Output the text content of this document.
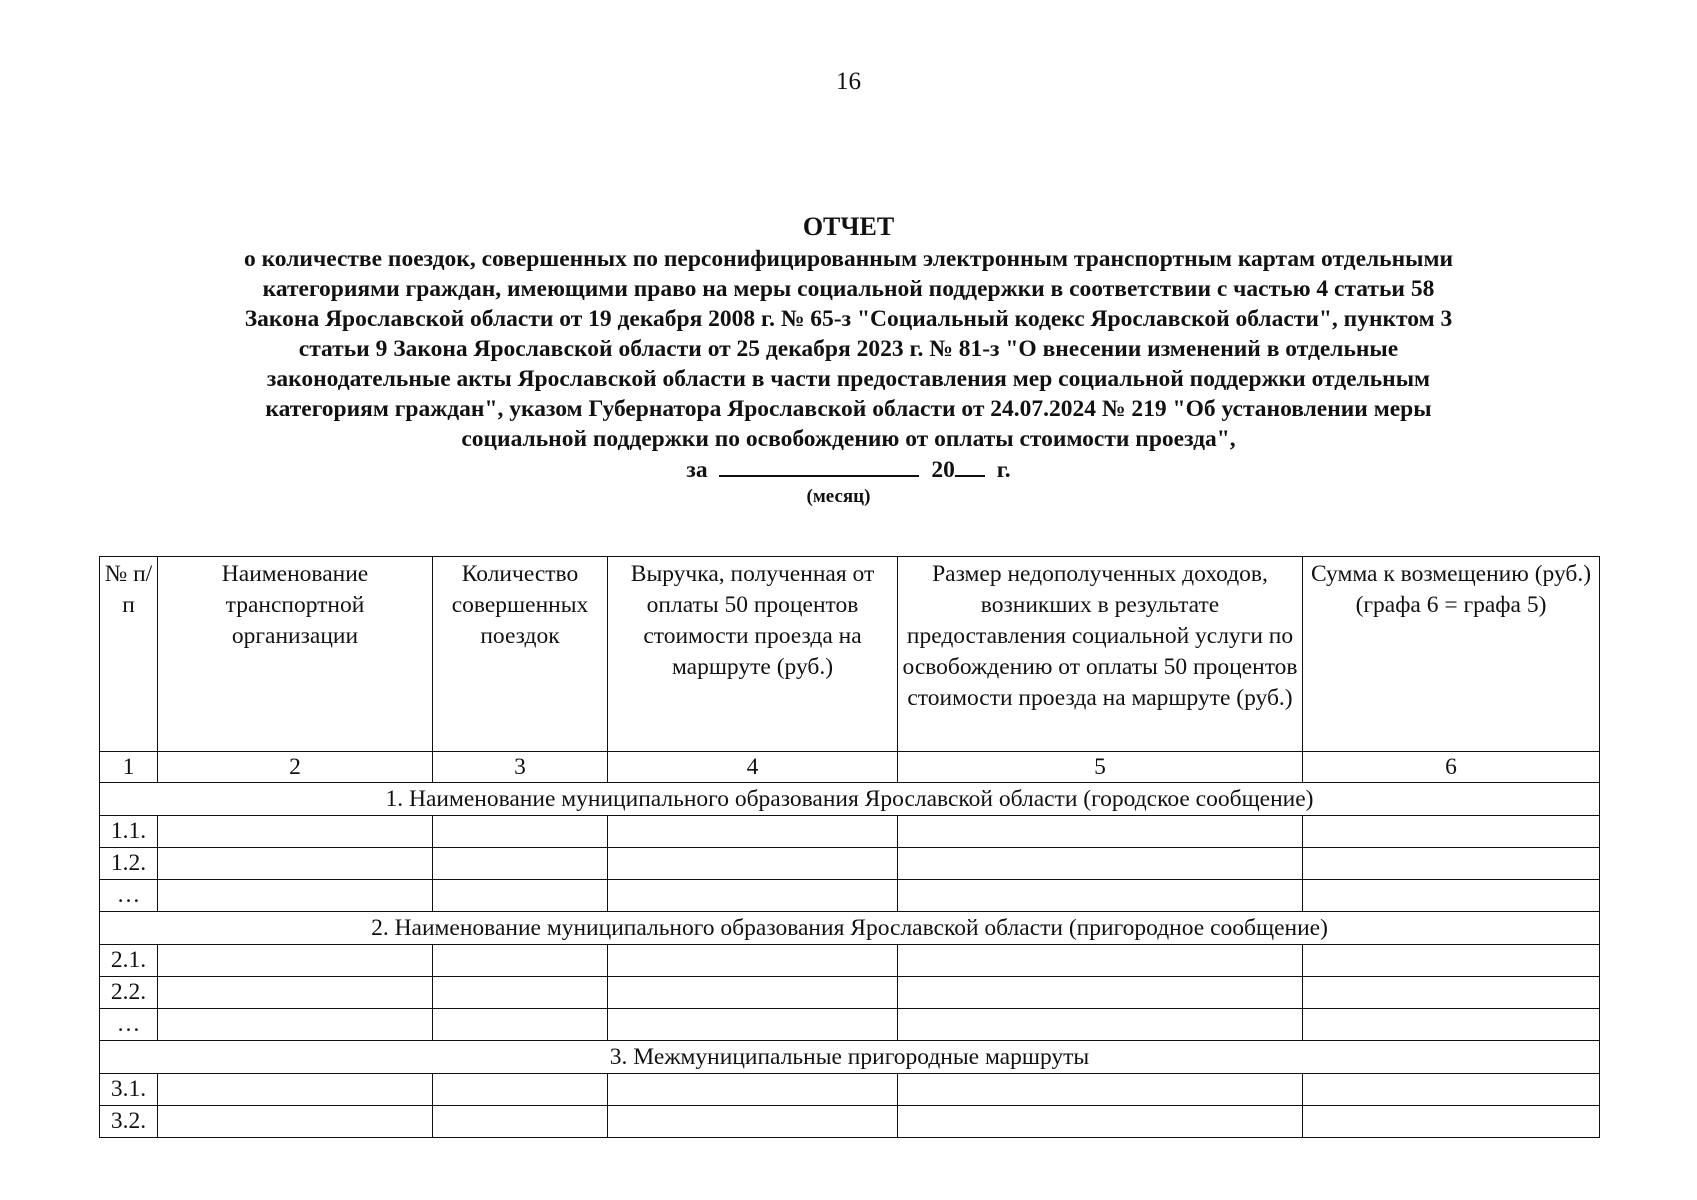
16
ОТЧЕТ
о количестве поездок, совершенных по персонифицированным электронным транспортным картам отдельными
категориями граждан, имеющими право на меры социальной поддержки в соответствии с частью 4 статьи 58
Закона Ярославской области от 19 декабря 2008 г. № 65-з "Социальный кодекс Ярославской области", пунктом 3
статьи 9 Закона Ярославской области от 25 декабря 2023 г. № 81-з "О внесении изменений в отдельные
законодательные акты Ярославской области в части предоставления мер социальной поддержки отдельным
категориям граждан", указом Губернатора Ярославской области от 24.07.2024 № 219 "Об установлении меры
социальной поддержки по освобождению от оплаты стоимости проезда",
за	20 г.
(месяц)
№ п/п	Наименование транспортной организации	Количество совершенных поездок	Выручка, полученная от оплаты 50 процентов стоимости проезда на маршруте (руб.)	Размер недополученных доходов, возникших в результате предоставления социальной услуги по освобождению от оплаты 50 процентов стоимости проезда на маршруте (руб.)	Сумма к возмещению (руб.) (графа 6 = графа 5)
1	2	3	4	5	6
1. Наименование муниципального образования Ярославской области (городское сообщение)					
1.1.					
1.2.					
…					
2. Наименование муниципального образования Ярославской области (пригородное сообщение)					
2.1.					
2.2.					
…					
3. Межмуниципальные пригородные маршруты					
3.1.					
3.2.					
